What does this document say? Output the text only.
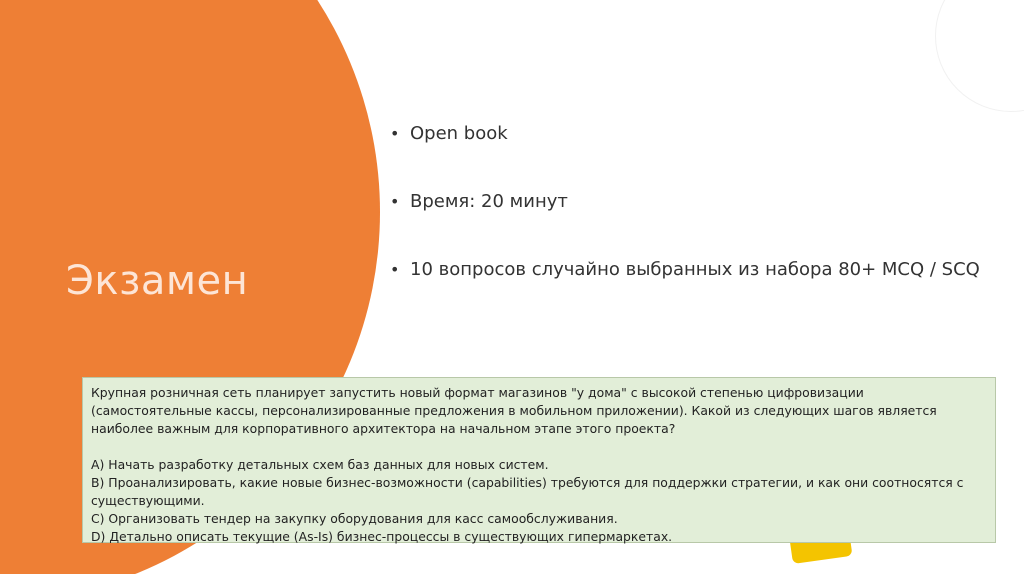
Экзамен
• Open book
• Время: 20 минут
• 10 вопросов случайно выбранных из набора 80+ MCQ / SCQ

Крупная розничная сеть планирует запустить новый формат магазинов "у дома" с высокой степенью цифровизации (самостоятельные кассы, персонализированные предложения в мобильном приложении). Какой из следующих шагов является наиболее важным для корпоративного архитектора на начальном этапе этого проекта?

A) Начать разработку детальных схем баз данных для новых систем.

B) Проанализировать, какие новые бизнес-возможности (capabilities) требуются для поддержки стратегии, и как они соотносятся с существующими.

C) Организовать тендер на закупку оборудования для касс самообслуживания.

D) Детально описать текущие (As-Is) бизнес-процессы в существующих гипермаркетах.
